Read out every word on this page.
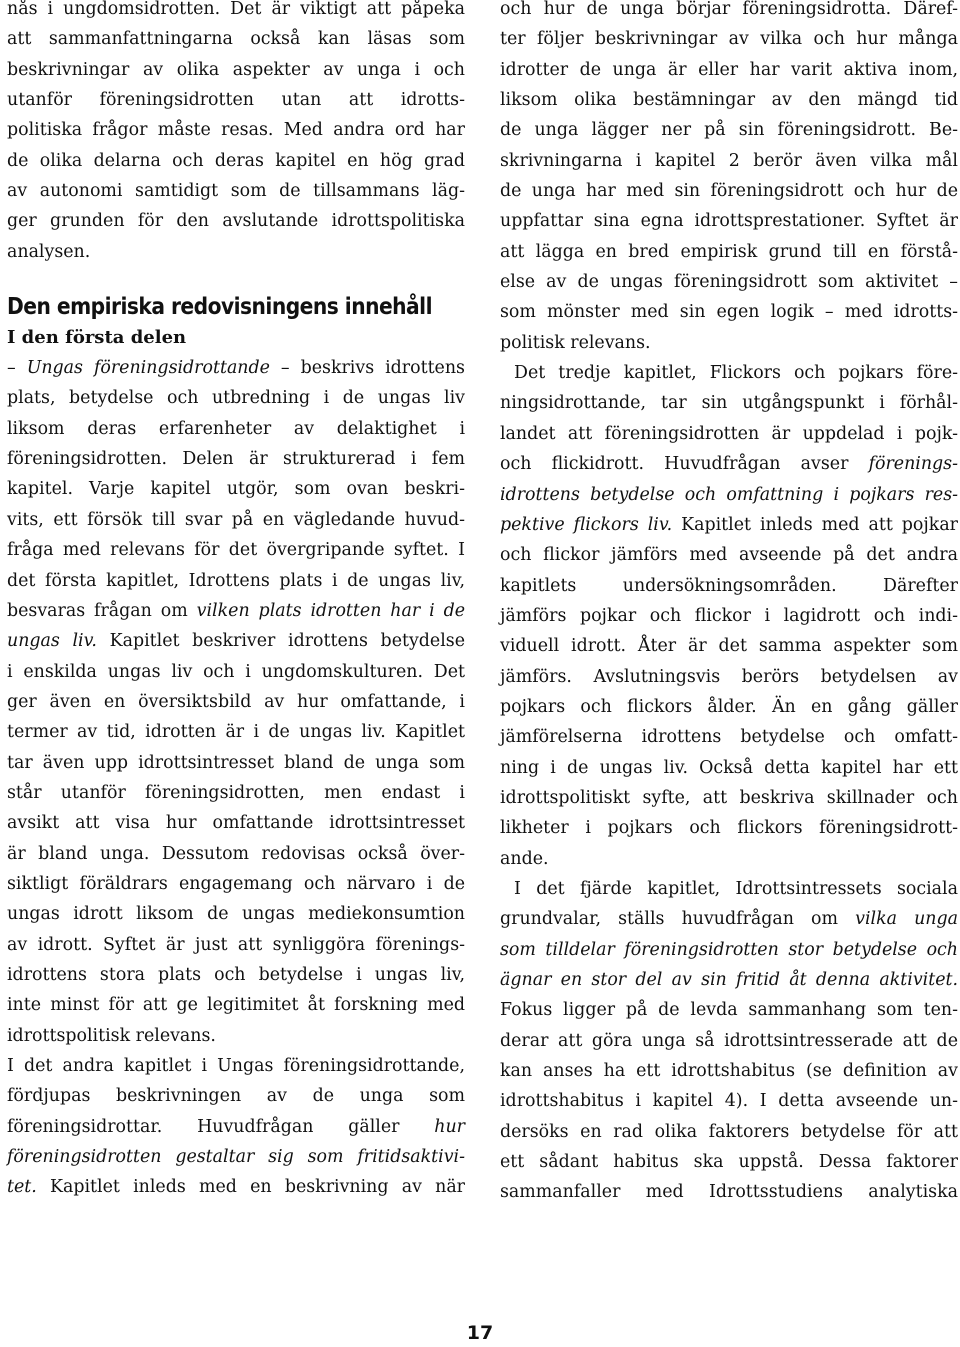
nås i ungdomsidrotten. Det är viktigt att påpeka
att sammanfattningarna också kan läsas som
beskrivningar av olika aspekter av unga i och
utanför föreningsidrotten utan att idrotts-
politiska frågor måste resas. Med andra ord har
de olika delarna och deras kapitel en hög grad
av autonomi samtidigt som de tillsammans läg-
ger grunden för den avslutande idrottspolitiska
analysen.
Den empiriska redovisningens innehåll
I den första delen
– Ungas föreningsidrottande – beskrivs idrottens
plats, betydelse och utbredning i de ungas liv
liksom deras erfarenheter av delaktighet i
föreningsidrotten. Delen är strukturerad i fem
kapitel. Varje kapitel utgör, som ovan beskri-
vits, ett försök till svar på en vägledande huvud-
fråga med relevans för det övergripande syftet. I
det första kapitlet, Idrottens plats i de ungas liv,
besvaras frågan om vilken plats idrotten har i de
ungas liv. Kapitlet beskriver idrottens betydelse
i enskilda ungas liv och i ungdomskulturen. Det
ger även en översiktsbild av hur omfattande, i
termer av tid, idrotten är i de ungas liv. Kapitlet
tar även upp idrottsintresset bland de unga som
står utanför föreningsidrotten, men endast i
avsikt att visa hur omfattande idrottsintresset
är bland unga. Dessutom redovisas också över-
siktligt föräldrars engagemang och närvaro i de
ungas idrott liksom de ungas mediekonsumtion
av idrott. Syftet är just att synliggöra förenings-
idrottens stora plats och betydelse i ungas liv,
inte minst för att ge legitimitet åt forskning med
idrottspolitisk relevans.
I det andra kapitlet i Ungas föreningsidrottande,
fördjupas beskrivningen av de unga som
föreningsidrottar. Huvudfrågan gäller hur
föreningsidrotten gestaltar sig som fritidsaktivi-
tet. Kapitlet inleds med en beskrivning av när
och hur de unga börjar föreningsidrotta. Däref-
ter följer beskrivningar av vilka och hur många
idrotter de unga är eller har varit aktiva inom,
liksom olika bestämningar av den mängd tid
de unga lägger ner på sin föreningsidrott. Be-
skrivningarna i kapitel 2 berör även vilka mål
de unga har med sin föreningsidrott och hur de
uppfattar sina egna idrottsprestationer. Syftet är
att lägga en bred empirisk grund till en förstå-
else av de ungas föreningsidrott som aktivitet –
som mönster med sin egen logik – med idrotts-
politisk relevans.
Det tredje kapitlet, Flickors och pojkars före-
ningsidrottande, tar sin utgångspunkt i förhål-
landet att föreningsidrotten är uppdelad i pojk-
och flickidrott. Huvudfrågan avser förenings-
idrottens betydelse och omfattning i pojkars res-
pektive flickors liv. Kapitlet inleds med att pojkar
och flickor jämförs med avseende på det andra
kapitlets undersökningsområden. Därefter
jämförs pojkar och flickor i lagidrott och indi-
viduell idrott. Åter är det samma aspekter som
jämförs. Avslutningsvis berörs betydelsen av
pojkars och flickors ålder. Än en gång gäller
jämförelserna idrottens betydelse och omfatt-
ning i de ungas liv. Också detta kapitel har ett
idrottspolitiskt syfte, att beskriva skillnader och
likheter i pojkars och flickors föreningsidrott-
ande.
I det fjärde kapitlet, Idrottsintressets sociala
grundvalar, ställs huvudfrågan om vilka unga
som tilldelar föreningsidrotten stor betydelse och
ägnar en stor del av sin fritid åt denna aktivitet.
Fokus ligger på de levda sammanhang som ten-
derar att göra unga så idrottsintresserade att de
kan anses ha ett idrottshabitus (se definition av
idrottshabitus i kapitel 4). I detta avseende un-
dersöks en rad olika faktorers betydelse för att
ett sådant habitus ska uppstå. Dessa faktorer
sammanfaller med Idrottsstudiens analytiska
17
